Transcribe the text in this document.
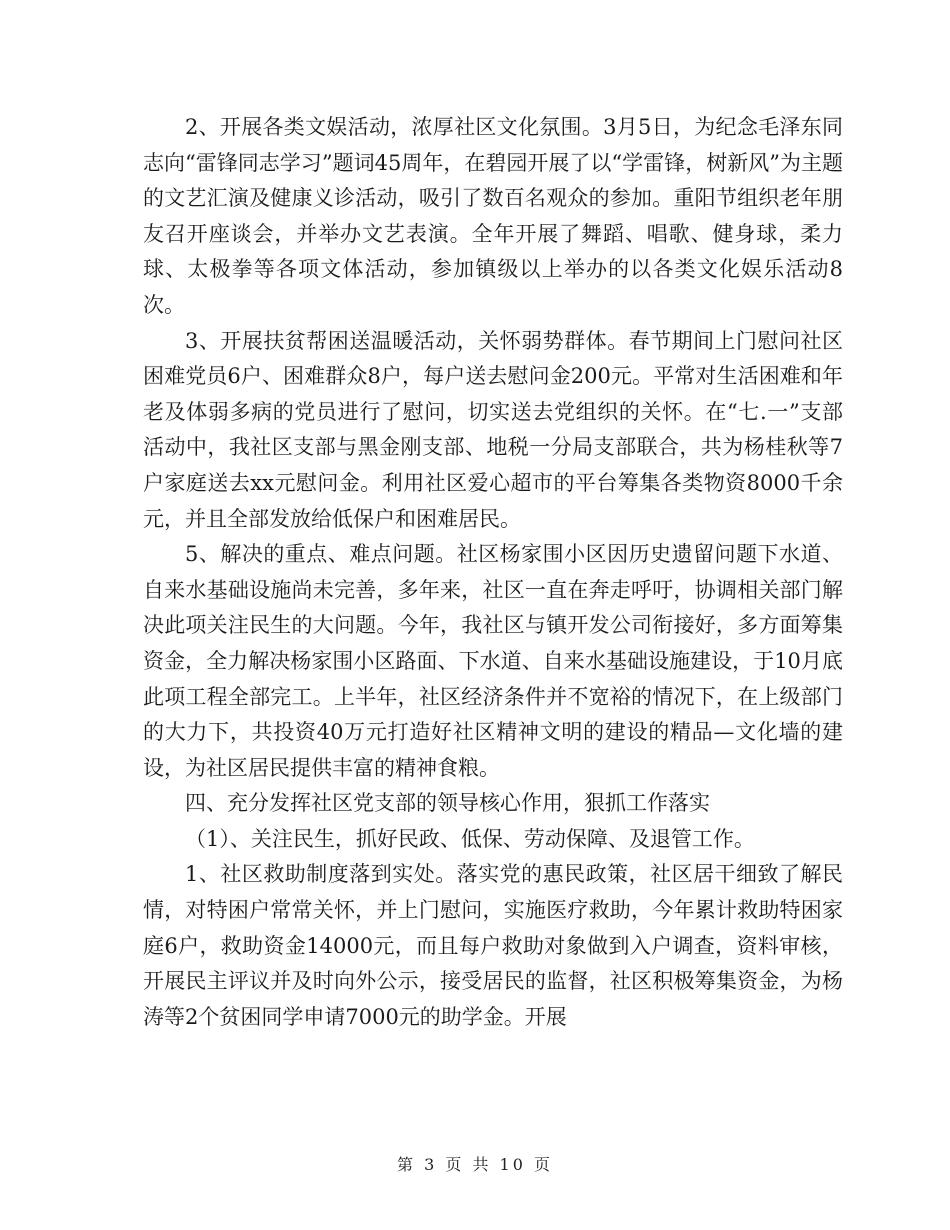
2、开展各类文娱活动，浓厚社区文化氛围。3月5日，为纪念毛泽东同志向“雷锋同志学习”题词45周年，在碧园开展了以“学雷锋，树新风”为主题的文艺汇演及健康义诊活动，吸引了数百名观众的参加。重阳节组织老年朋友召开座谈会，并举办文艺表演。全年开展了舞蹈、唱歌、健身球，柔力球、太极拳等各项文体活动，参加镇级以上举办的以各类文化娱乐活动8次。

3、开展扶贫帮困送温暖活动，关怀弱势群体。春节期间上门慰问社区困难党员6户、困难群众8户，每户送去慰问金200元。平常对生活困难和年老及体弱多病的党员进行了慰问，切实送去党组织的关怀。在“七.一”支部活动中，我社区支部与黑金刚支部、地税一分局支部联合，共为杨桂秋等7户家庭送去xx元慰问金。利用社区爱心超市的平台筹集各类物资8000千余元，并且全部发放给低保户和困难居民。

5、解决的重点、难点问题。社区杨家围小区因历史遗留问题下水道、自来水基础设施尚未完善，多年来，社区一直在奔走呼吁，协调相关部门解决此项关注民生的大问题。今年，我社区与镇开发公司衔接好，多方面筹集资金，全力解决杨家围小区路面、下水道、自来水基础设施建设，于10月底此项工程全部完工。上半年，社区经济条件并不宽裕的情况下，在上级部门的大力下，共投资40万元打造好社区精神文明的建设的精品—文化墙的建设，为社区居民提供丰富的精神食粮。

四、充分发挥社区党支部的领导核心作用，狠抓工作落实

（1）、关注民生，抓好民政、低保、劳动保障、及退管工作。

1、社区救助制度落到实处。落实党的惠民政策，社区居干细致了解民情，对特困户常常关怀，并上门慰问，实施医疗救助，今年累计救助特困家庭6户，救助资金14000元，而且每户救助对象做到入户调查，资料审核，开展民主评议并及时向外公示，接受居民的监督，社区积极筹集资金，为杨涛等2个贫困同学申请7000元的助学金。开展

第 3 页 共 10 页
